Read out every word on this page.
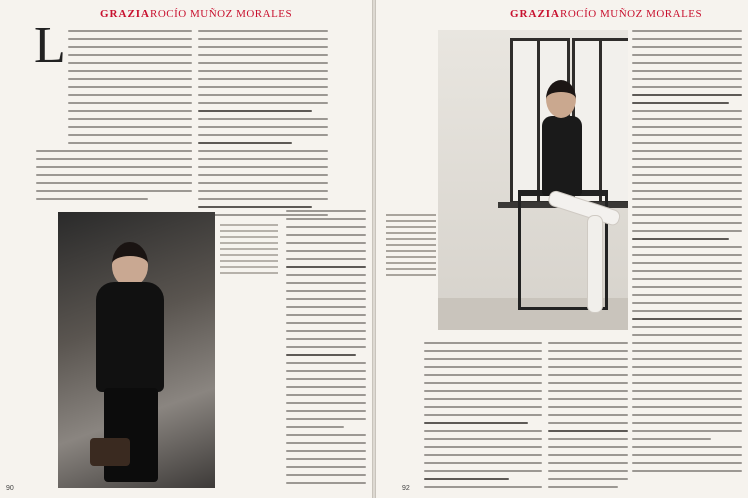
GRAZIAROCÍO MUÑOZ MORALES
L
90
GRAZIAROCÍO MUÑOZ MORALES
92
